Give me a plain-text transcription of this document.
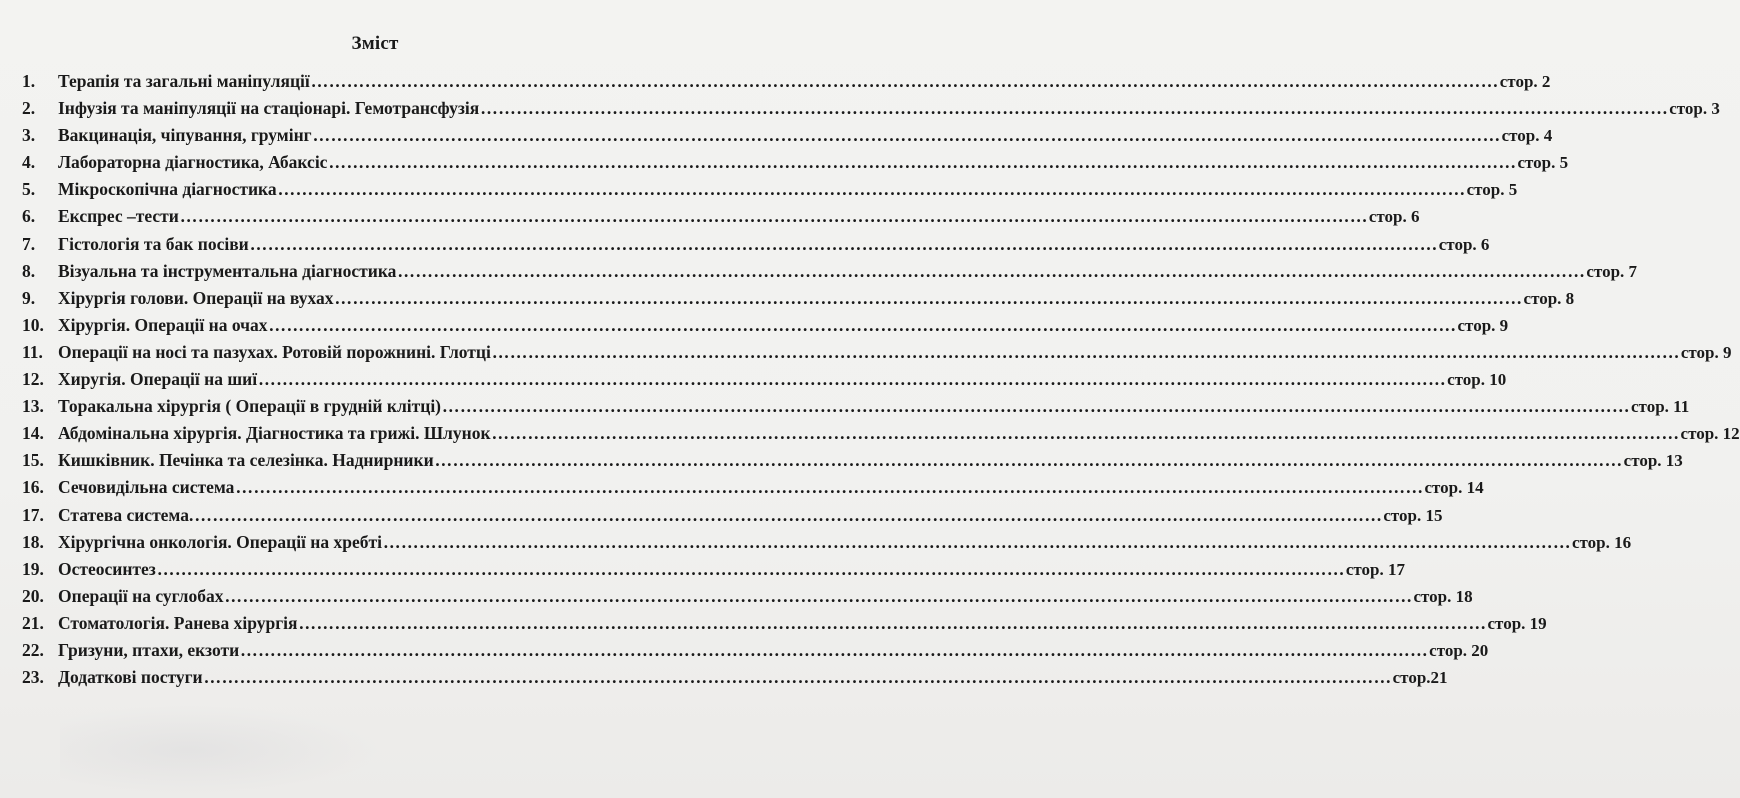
Зміст
1.	Терапія та загальні маніпуляції ………………………………………………………………………………………………………………………………………………………………………………	стор. 2
2.	Інфузія та маніпуляції на стаціонарі. Гемотрансфузія ………………………………………………………………………………………………………………………………………………………………………………	стор. 3
3.	Вакцинація, чіпування, грумінг ………………………………………………………………………………………………………………………………………………………………………………	стор. 4
4.	Лабораторна діагностика, Абаксіс ………………………………………………………………………………………………………………………………………………………………………………	стор. 5
5.	Мікроскопічна діагностика ………………………………………………………………………………………………………………………………………………………………………………	стор. 5
6.	Експрес –тести ………………………………………………………………………………………………………………………………………………………………………………	стор. 6
7.	Гістологія та бак посіви ………………………………………………………………………………………………………………………………………………………………………………	стор. 6
8.	Візуальна та інструментальна діагностика ………………………………………………………………………………………………………………………………………………………………………………	стор. 7
9.	Хірургія голови. Операції на вухах ………………………………………………………………………………………………………………………………………………………………………………	стор. 8
10. Хірургія. Операції на очах ………………………………………………………………………………………………………………………………………………………………………………	стор. 9
11. Операції на носі та пазухах. Ротовій порожнині. Глотці ………………………………………………………………………………………………………………………………………………………………………………	стор. 9
12. Хиругія. Операції на шиї ………………………………………………………………………………………………………………………………………………………………………………	стор. 10
13. Торакальна хірургія ( Операції в грудній клітці) ………………………………………………………………………………………………………………………………………………………………………………	стор. 11
14. Абдомінальна хірургія. Діагностика та грижі. Шлунок ………………………………………………………………………………………………………………………………………………………………………………	стор. 12
15. Кишківник. Печінка та селезінка. Наднирники ………………………………………………………………………………………………………………………………………………………………………………	стор. 13
16. Сечовидільна система ………………………………………………………………………………………………………………………………………………………………………………	стор. 14
17. Статева система. ………………………………………………………………………………………………………………………………………………………………………………	стор. 15
18. Хірургічна онкологія. Операції на хребті ………………………………………………………………………………………………………………………………………………………………………………	стор. 16
19. Остеосинтез ………………………………………………………………………………………………………………………………………………………………………………	стор. 17
20. Операції на суглобах ………………………………………………………………………………………………………………………………………………………………………………	стор. 18
21. Стоматологія. Ранева хірургія ………………………………………………………………………………………………………………………………………………………………………………	стор. 19
22. Гризуни, птахи, екзоти ………………………………………………………………………………………………………………………………………………………………………………	стор. 20
23. Додаткові постуги ………………………………………………………………………………………………………………………………………………………………………………	стор.21
